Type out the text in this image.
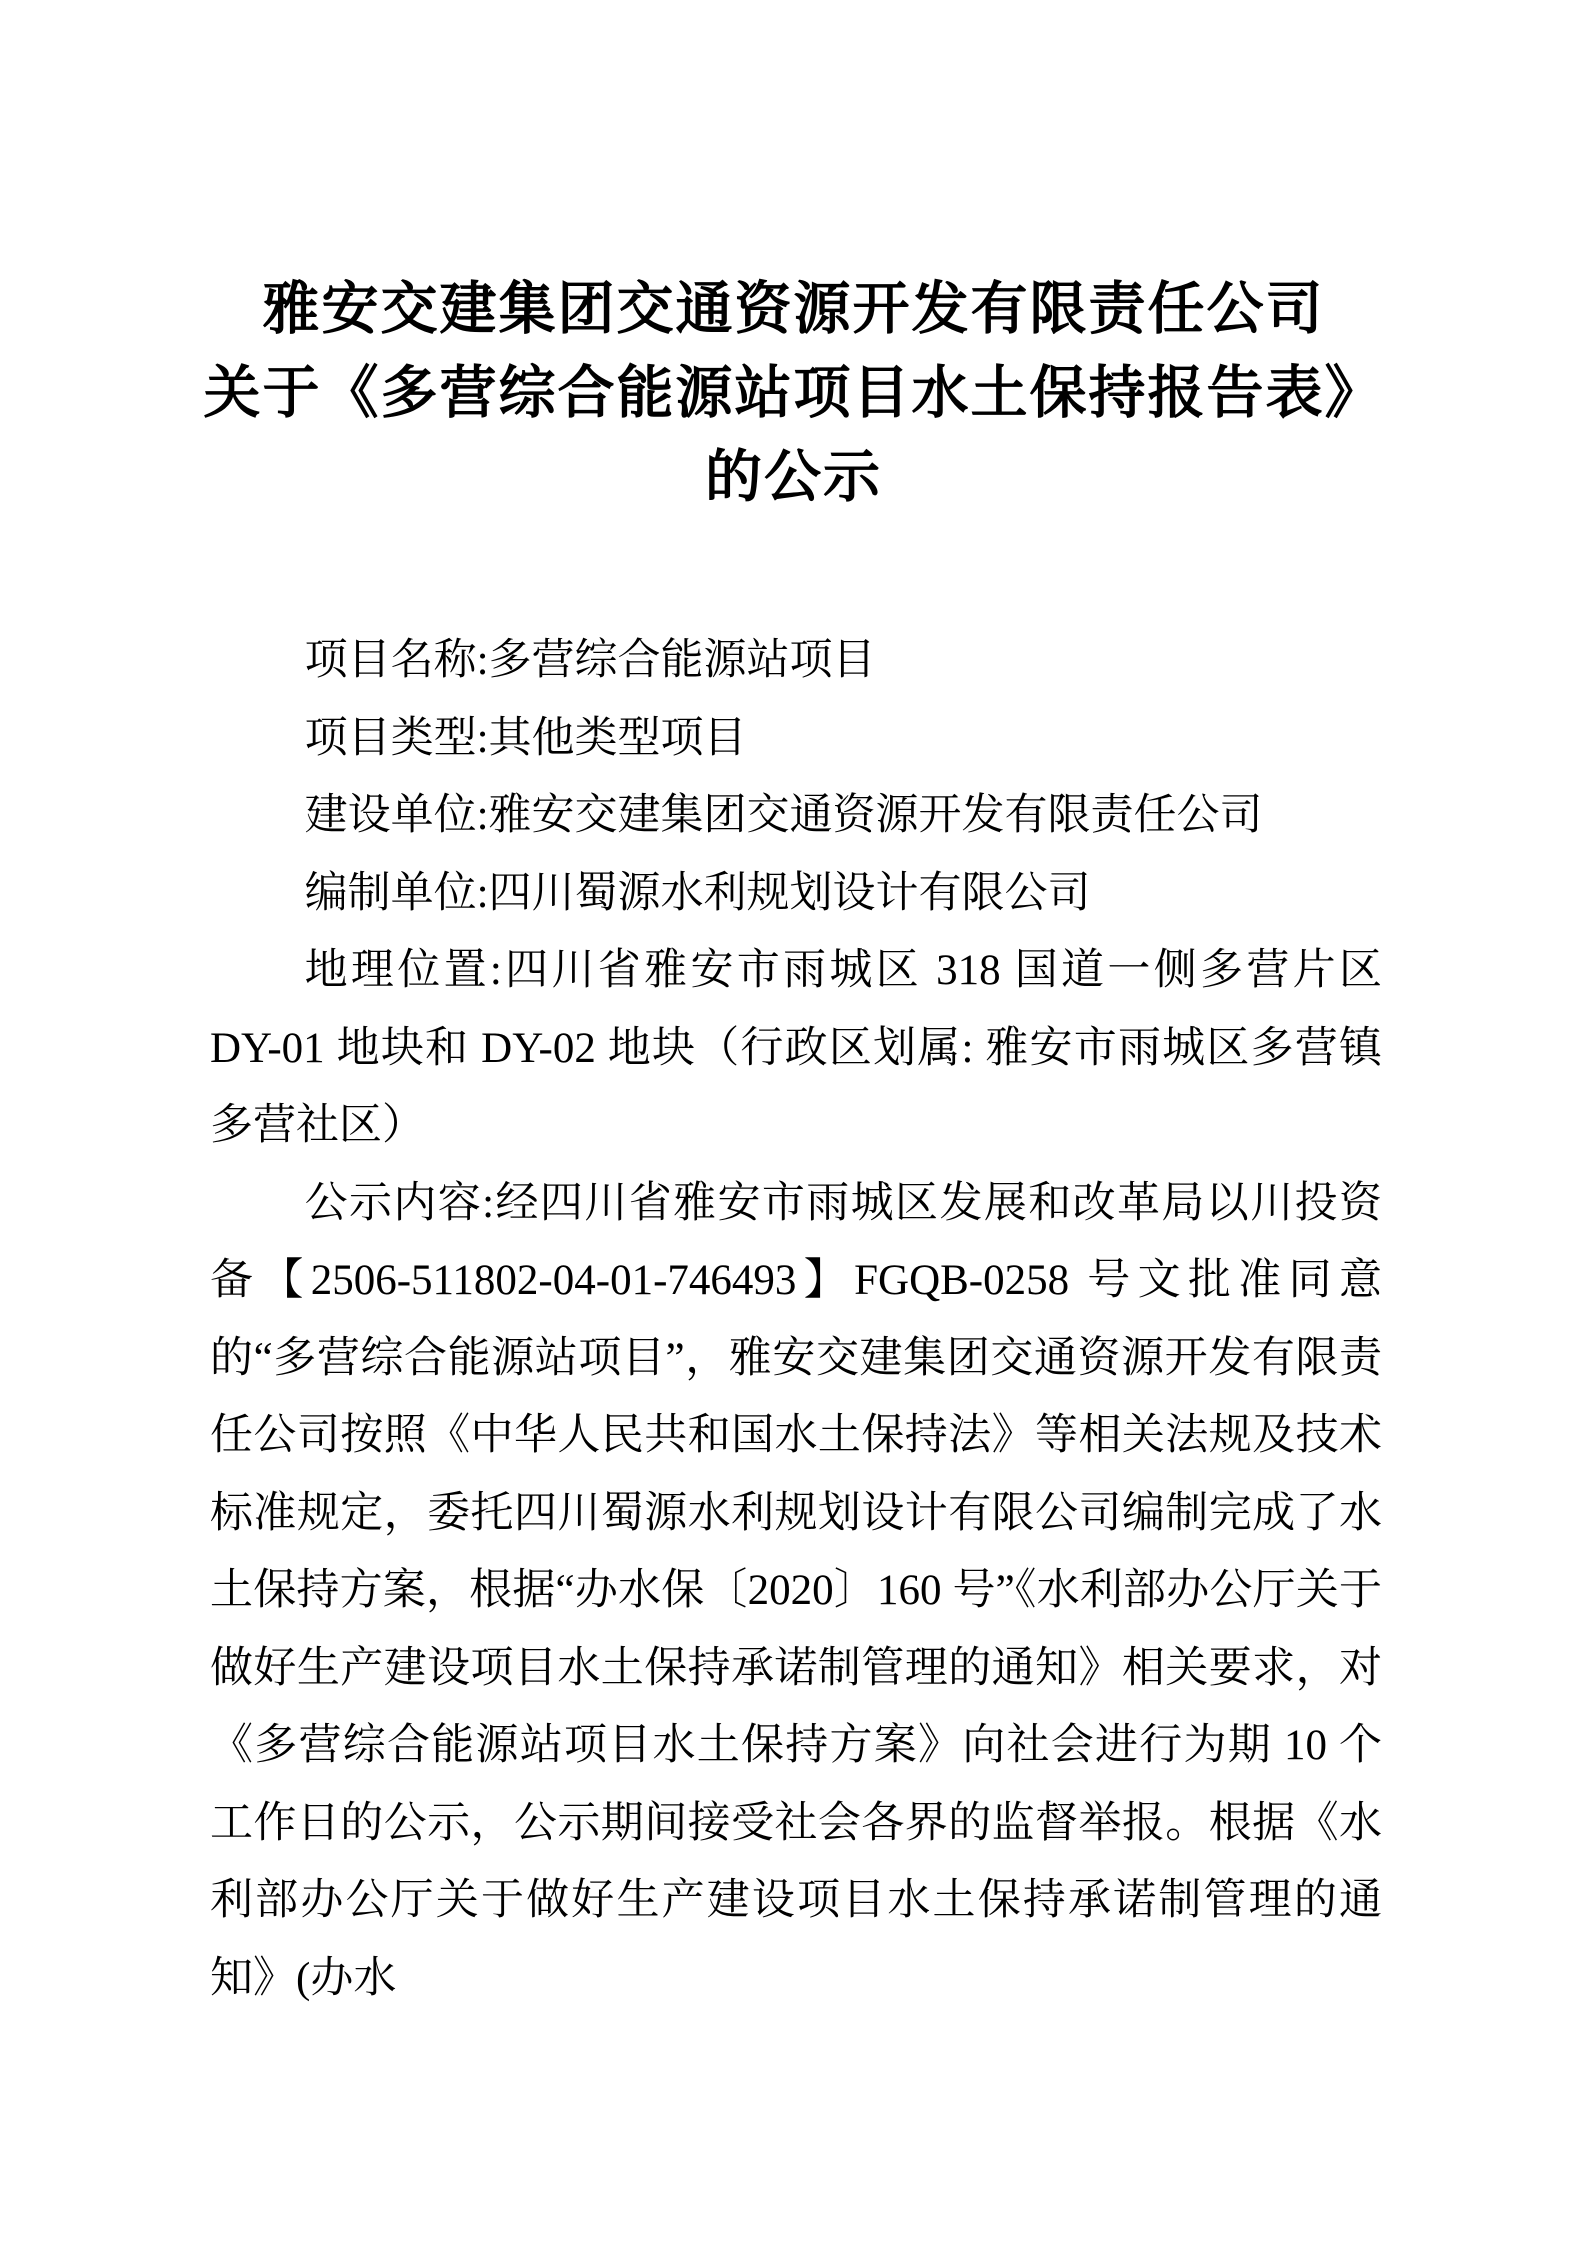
雅安交建集团交通资源开发有限责任公司
关于《多营综合能源站项目水土保持报告表》
的公示

项目名称:多营综合能源站项目

项目类型:其他类型项目

建设单位:雅安交建集团交通资源开发有限责任公司

编制单位:四川蜀源水利规划设计有限公司

地理位置:四川省雅安市雨城区 318 国道一侧多营片区 DY-01 地块和 DY-02 地块（行政区划属: 雅安市雨城区多营镇多营社区）

公示内容:经四川省雅安市雨城区发展和改革局以川投资备【2506-511802-04-01-746493】FGQB-0258 号文批准同意的“多营综合能源站项目”，雅安交建集团交通资源开发有限责任公司按照《中华人民共和国水土保持法》等相关法规及技术标准规定，委托四川蜀源水利规划设计有限公司编制完成了水土保持方案，根据“办水保〔2020〕160 号”《水利部办公厅关于做好生产建设项目水土保持承诺制管理的通知》相关要求，对《多营综合能源站项目水土保持方案》向社会进行为期 10 个工作日的公示，公示期间接受社会各界的监督举报。根据《水利部办公厅关于做好生产建设项目水土保持承诺制管理的通知》(办水
